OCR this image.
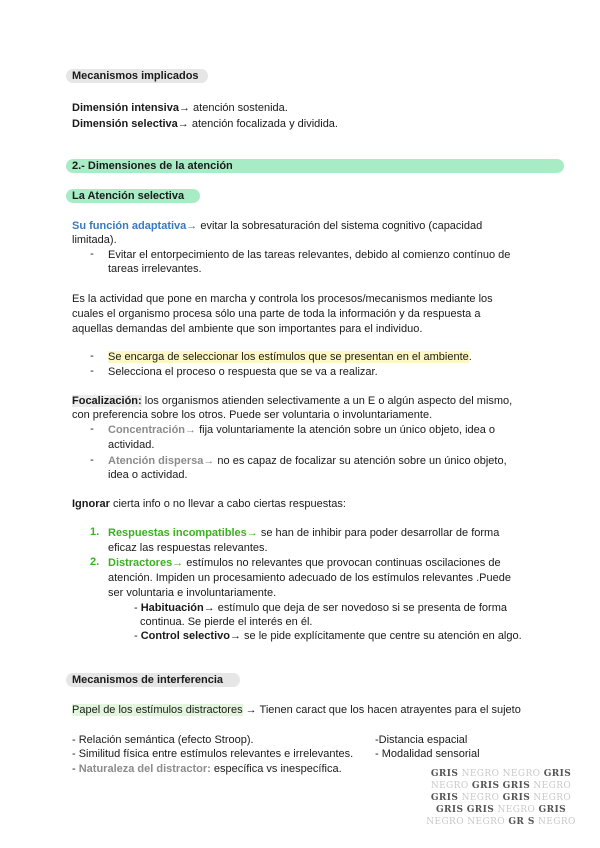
Mecanismos implicados
Dimensión intensiva→ atención sostenida.
Dimensión selectiva→ atención focalizada y dividida.
2.- Dimensiones de la atención
La Atención selectiva
Su función adaptativa→ evitar la sobresaturación del sistema cognitivo (capacidad
limitada).
-	Evitar el entorpecimiento de las tareas relevantes, debido al comienzo contínuo de
tareas irrelevantes.
Es la actividad que pone en marcha y controla los procesos/mecanismos mediante los
cuales el organismo procesa sólo una parte de toda la información y da respuesta a
aquellas demandas del ambiente que son importantes para el individuo.
-	Se encarga de seleccionar los estímulos que se presentan en el ambiente.
-	Selecciona el proceso o respuesta que se va a realizar.
Focalización: los organismos atienden selectivamente a un E o algún aspecto del mismo,
con preferencia sobre los otros. Puede ser voluntaria o involuntariamente.
-	Concentración→ fija voluntariamente la atención sobre un único objeto, idea o
actividad.
-	Atención dispersa→ no es capaz de focalizar su atención sobre un único objeto,
idea o actividad.
Ignorar cierta info o no llevar a cabo ciertas respuestas:
1. Respuestas incompatibles→ se han de inhibir para poder desarrollar de forma
eficaz las respuestas relevantes.
2. Distractores→ estímulos no relevantes que provocan continuas oscilaciones de
atención. Impiden un procesamiento adecuado de los estímulos relevantes .Puede
ser voluntaria e involuntariamente.
- Habituación→ estímulo que deja de ser novedoso si se presenta de forma
continua. Se pierde el interés en él.
- Control selectivo→ se le pide explícitamente que centre su atención en algo.
Mecanismos de interferencia
Papel de los estímulos distractores → Tienen caract que los hacen atrayentes para el sujeto
- Relación semántica (efecto Stroop).	-Distancia espacial
- Similitud física entre estímulos relevantes e irrelevantes. - Modalidad sensorial
- Naturaleza del distractor: específica vs inespecífica.	GRIS NEGRO NEGRO GRIS
NEGRO GRIS GRIS NEGRO
GRIS NEGRO GRIS NEGRO
GRIS GRIS NEGRO GRIS
NEGRO NEGRO GR S NEGRO
